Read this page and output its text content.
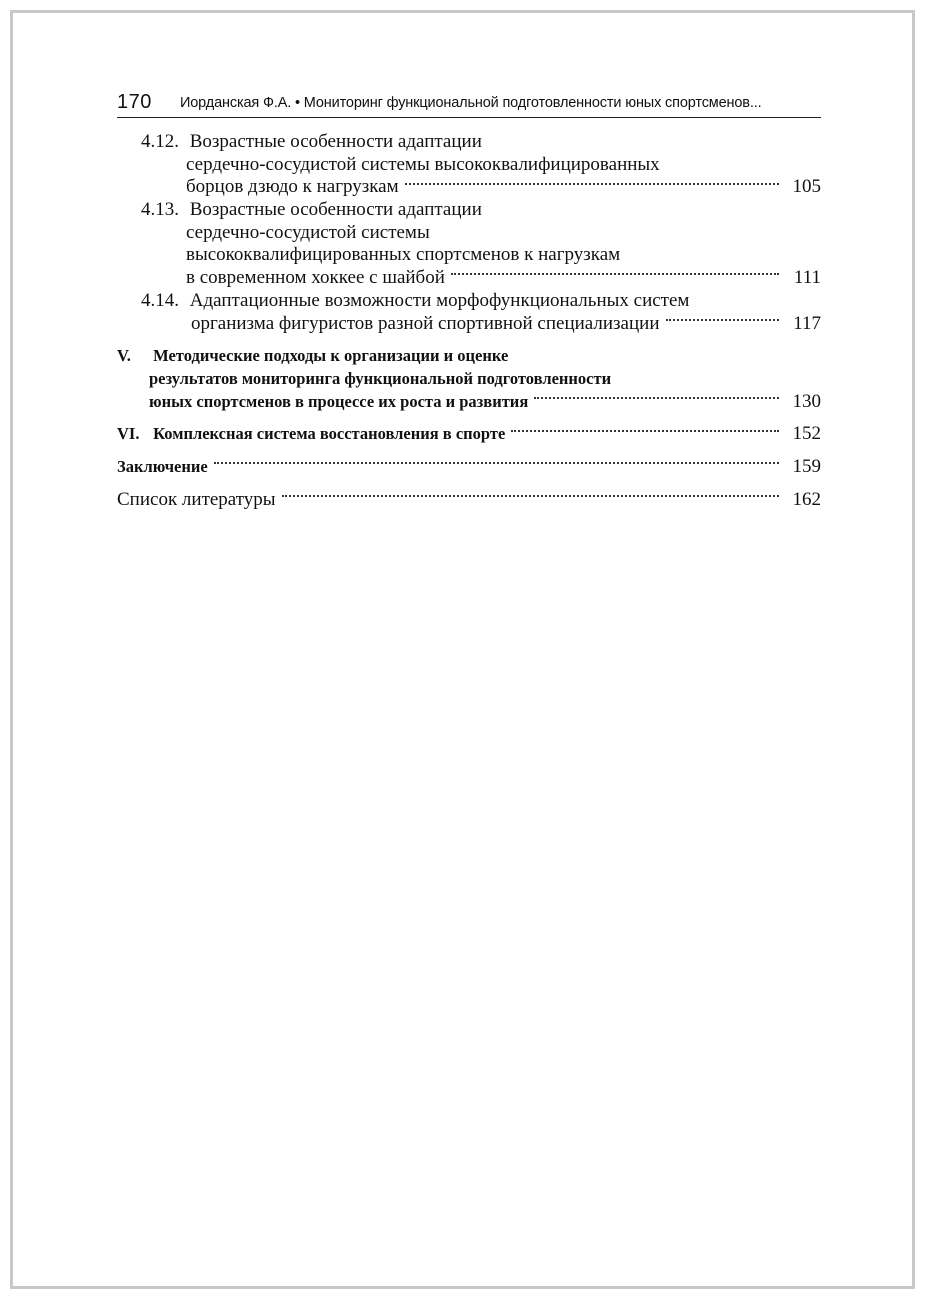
170 Иорданская Ф.А. • Мониторинг функциональной подготовленности юных спортсменов...
4.12. Возрастные особенности адаптации
сердечно-сосудистой системы высококвалифицированных
борцов дзюдо к нагрузкам	105
4.13. Возрастные особенности адаптации
сердечно-сосудистой системы
высококвалифицированных спортсменов к нагрузкам
в современном хоккее с шайбой	111
4.14. Адаптационные возможности морфофункциональных систем
организма фигуристов разной спортивной специализации	117
V. Методические подходы к организации и оценке
результатов мониторинга функциональной подготовленности
юных спортсменов в процессе их роста и развития	130
VI. Комплексная система восстановления в спорте	152
Заключение	159
Список литературы	162
